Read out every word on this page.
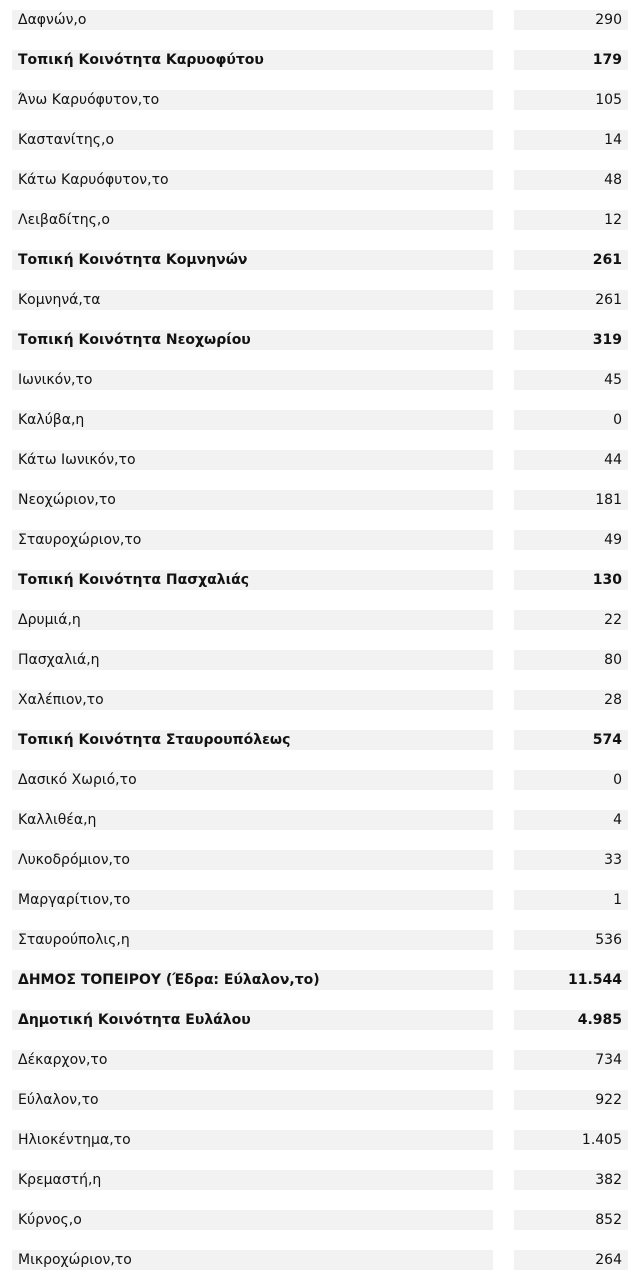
Δαφνών,ο	290
Τοπική Κοινότητα Καρυοφύτου	179
Άνω Καρυόφυτον,το	105
Καστανίτης,ο	14
Κάτω Καρυόφυτον,το	48
Λειβαδίτης,ο	12
Τοπική Κοινότητα Κομνηνών	261
Κομνηνά,τα	261
Τοπική Κοινότητα Νεοχωρίου	319
Ιωνικόν,το	45
Καλύβα,η	0
Κάτω Ιωνικόν,το	44
Νεοχώριον,το	181
Σταυροχώριον,το	49
Τοπική Κοινότητα Πασχαλιάς	130
Δρυμιά,η	22
Πασχαλιά,η	80
Χαλέπιον,το	28
Τοπική Κοινότητα Σταυρουπόλεως	574
Δασικό Χωριό,το	0
Καλλιθέα,η	4
Λυκοδρόμιον,το	33
Μαργαρίτιον,το	1
Σταυρούπολις,η	536
ΔΗΜΟΣ ΤΟΠΕΙΡΟΥ (Έδρα: Εύλαλον,το)	11.544
Δημοτική Κοινότητα Ευλάλου	4.985
Δέκαρχον,το	734
Εύλαλον,το	922
Ηλιοκέντημα,το	1.405
Κρεμαστή,η	382
Κύρνος,ο	852
Μικροχώριον,το	264
